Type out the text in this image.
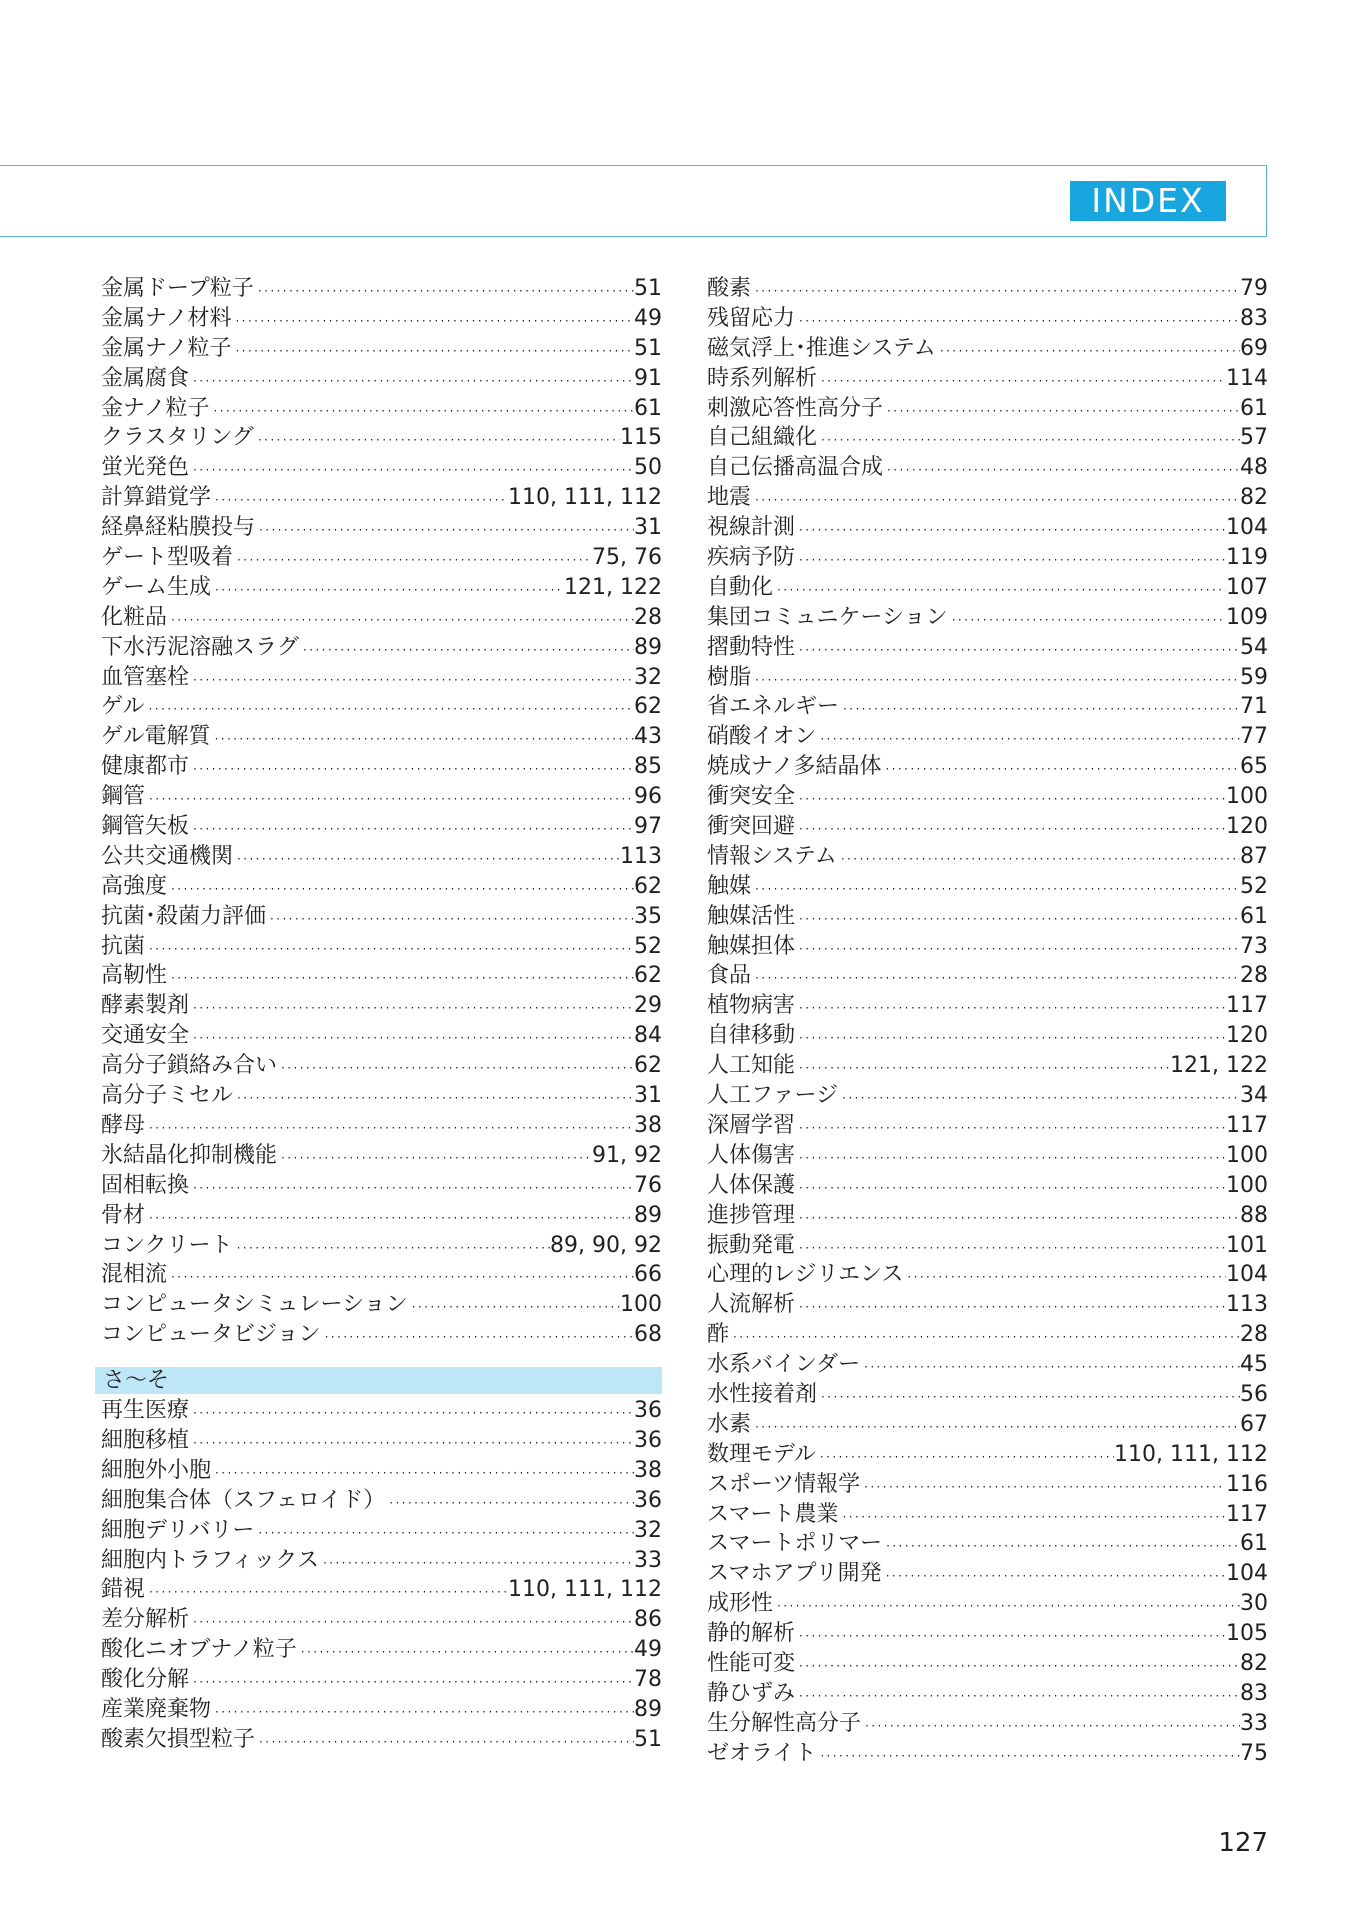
INDEX
金属ドープ粒子 ·····	51
金属ナノ材料 ·····	49
金属ナノ粒子 ·····	51
金属腐食 ·····	91
金ナノ粒子 ·····	61
クラスタリング ·····	115
蛍光発色 ·····	50
計算錯覚学 ·····	110, 111, 112
経鼻経粘膜投与 ·····	31
ゲート型吸着 ·····	75, 76
ゲーム生成 ·····	121, 122
化粧品 ·····	28
下水汚泥溶融スラグ ·····	89
血管塞栓 ·····	32
ゲル ·····	62
ゲル電解質 ·····	43
健康都市 ·····	85
鋼管 ·····	96
鋼管矢板 ·····	97
公共交通機関 ·····	113
高強度 ·····	62
抗菌･殺菌力評価 ·····	35
抗菌 ·····	52
高靭性 ·····	62
酵素製剤 ·····	29
交通安全 ·····	84
高分子鎖絡み合い ·····	62
高分子ミセル ·····	31
酵母 ·····	38
氷結晶化抑制機能 ·····	91, 92
固相転換 ·····	76
骨材 ·····	89
コンクリート ·····	89, 90, 92
混相流 ·····	66
コンピュータシミュレーション ·····	100
コンピュータビジョン ·····	68
さ〜そ
再生医療 ·····	36
細胞移植 ·····	36
細胞外小胞 ·····	38
細胞集合体（スフェロイド） ·····	36
細胞デリバリー ·····	32
細胞内トラフィックス ·····	33
錯視 ·····	110, 111, 112
差分解析 ·····	86
酸化ニオブナノ粒子 ·····	49
酸化分解 ·····	78
産業廃棄物 ·····	89
酸素欠損型粒子 ·····	51
酸素 ·····	79
残留応力 ·····	83
磁気浮上･推進システム ·····	69
時系列解析 ·····	114
刺激応答性高分子 ·····	61
自己組織化 ·····	57
自己伝播高温合成 ·····	48
地震 ·····	82
視線計測 ·····	104
疾病予防 ·····	119
自動化 ·····	107
集団コミュニケーション ·····	109
摺動特性 ·····	54
樹脂 ·····	59
省エネルギー ·····	71
硝酸イオン ·····	77
焼成ナノ多結晶体 ·····	65
衝突安全 ·····	100
衝突回避 ·····	120
情報システム ·····	87
触媒 ·····	52
触媒活性 ·····	61
触媒担体 ·····	73
食品 ·····	28
植物病害 ·····	117
自律移動 ·····	120
人工知能 ·····	121, 122
人工ファージ ·····	34
深層学習 ·····	117
人体傷害 ·····	100
人体保護 ·····	100
進捗管理 ·····	88
振動発電 ·····	101
心理的レジリエンス ·····	104
人流解析 ·····	113
酢 ·····	28
水系バインダー ·····	45
水性接着剤 ·····	56
水素 ·····	67
数理モデル ·····	110, 111, 112
スポーツ情報学 ·····	116
スマート農業 ·····	117
スマートポリマー ·····	61
スマホアプリ開発 ·····	104
成形性 ·····	30
静的解析 ·····	105
性能可変 ·····	82
静ひずみ ·····	83
生分解性高分子 ·····	33
ゼオライト ·····	75
127
